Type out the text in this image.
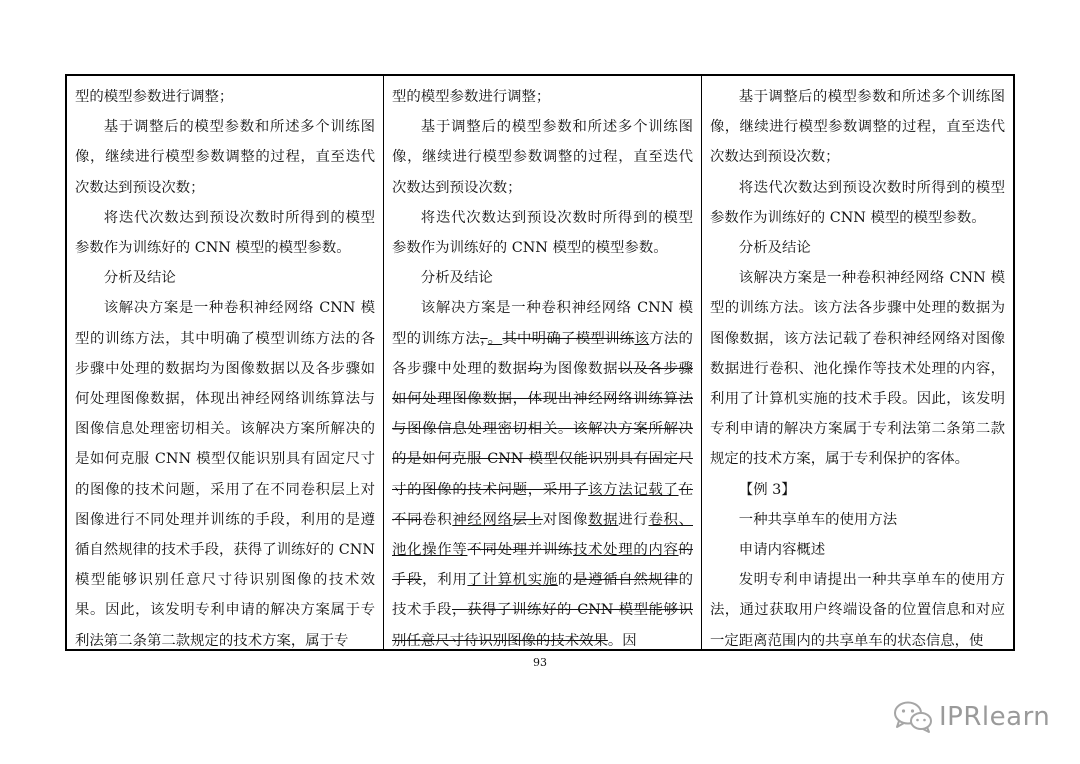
型的模型参数进行调整；

基于调整后的模型参数和所述多个训练图像，继续进行模型参数调整的过程，直至迭代次数达到预设次数；

将迭代次数达到预设次数时所得到的模型参数作为训练好的 CNN 模型的模型参数。

分析及结论

该解决方案是一种卷积神经网络 CNN 模型的训练方法，其中明确了模型训练方法的各步骤中处理的数据均为图像数据以及各步骤如何处理图像数据，体现出神经网络训练算法与图像信息处理密切相关。该解决方案所解决的是如何克服 CNN 模型仅能识别具有固定尺寸的图像的技术问题，采用了在不同卷积层上对图像进行不同处理并训练的手段，利用的是遵循自然规律的技术手段，获得了训练好的 CNN模型能够识别任意尺寸待识别图像的技术效果。因此，该发明专利申请的解决方案属于专利法第二条第二款规定的技术方案，属于专

型的模型参数进行调整；

基于调整后的模型参数和所述多个训练图像，继续进行模型参数调整的过程，直至迭代次数达到预设次数；

将迭代次数达到预设次数时所得到的模型参数作为训练好的 CNN 模型的模型参数。

分析及结论

该解决方案是一种卷积神经网络 CNN 模型的训练方法，。其中明确了模型训练该方法的各步骤中处理的数据均为图像数据以及各步骤如何处理图像数据，体现出神经网络训练算法与图像信息处理密切相关。该解决方案所解决的是如何克服 CNN 模型仅能识别具有固定尺寸的图像的技术问题，采用了该方法记载了在不同卷积神经网络层上对图像数据进行卷积、池化操作等不同处理并训练技术处理的内容的手段，利用了计算机实施的是遵循自然规律的技术手段，获得了训练好的 CNN 模型能够识别任意尺寸待识别图像的技术效果。因

基于调整后的模型参数和所述多个训练图像，继续进行模型参数调整的过程，直至迭代次数达到预设次数；

将迭代次数达到预设次数时所得到的模型参数作为训练好的 CNN 模型的模型参数。

分析及结论

该解决方案是一种卷积神经网络 CNN 模型的训练方法。该方法各步骤中处理的数据为图像数据，该方法记载了卷积神经网络对图像数据进行卷积、池化操作等技术处理的内容，利用了计算机实施的技术手段。因此，该发明专利申请的解决方案属于专利法第二条第二款规定的技术方案，属于专利保护的客体。

【例 3】

一种共享单车的使用方法

申请内容概述

发明专利申请提出一种共享单车的使用方法，通过获取用户终端设备的位置信息和对应一定距离范围内的共享单车的状态信息，使

93
IPRlearn
